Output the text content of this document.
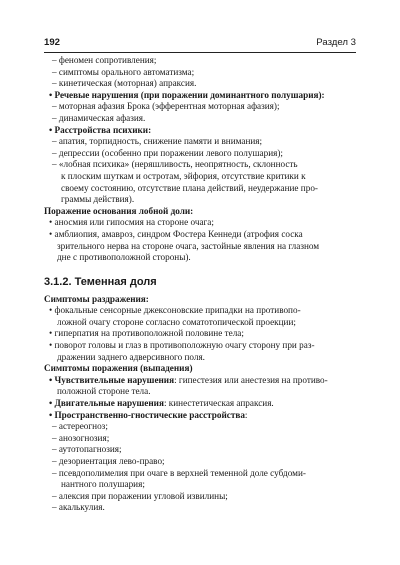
192	Раздел 3
– феномен сопротивления;
– симптомы орального автоматизма;
– кинетическая (моторная) апраксия.
• Речевые нарушения (при поражении доминантного полушария):
– моторная афазия Брока (эфферентная моторная афазия);
– динамическая афазия.
• Расстройства психики:
– апатия, торпидность, снижение памяти и внимания;
– депрессии (особенно при поражении левого полушария);
– «лобная психика» (неряшливость, неопрятность, склонность
к плоским шуткам и остротам, эйфория, отсутствие критики к
своему состоянию, отсутствие плана действий, неудержание про-
граммы действия).
Поражение основания лобной доли:
• аносмия или гипосмия на стороне очага;
• амблиопия, амавроз, синдром Фостера Кеннеди (атрофия соска
зрительного нерва на стороне очага, застойные явления на глазном
дне с противоположной стороны).
3.1.2. Теменная доля
Симптомы раздражения:
• фокальные сенсорные джексоновские припадки на противопо-
ложной очагу стороне согласно соматотопической проекции;
• гиперпатия на противоположной половине тела;
• поворот головы и глаз в противоположную очагу сторону при раз-
дражении заднего адверсивного поля.
Симптомы поражения (выпадения)
• Чувствительные нарушения: гипестезия или анестезия на противо-
положной стороне тела.
• Двигательные нарушения: кинестетическая апраксия.
• Пространственно-гностические расстройства:
– астереогноз;
– анозогнозия;
– аутотопагнозия;
– дезориентация лево-право;
– псевдополимелия при очаге в верхней теменной доле субдоми-
нантного полушария;
– алексия при поражении угловой извилины;
– акалькулия.
